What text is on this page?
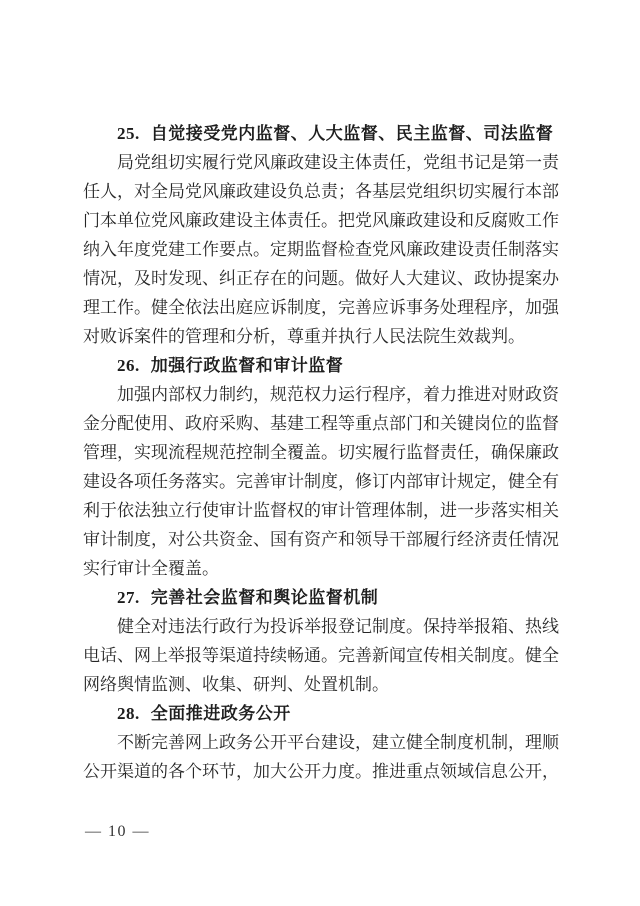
25. 自觉接受党内监督、人大监督、民主监督、司法监督

局党组切实履行党风廉政建设主体责任，党组书记是第一责任人，对全局党风廉政建设负总责；各基层党组织切实履行本部门本单位党风廉政建设主体责任。把党风廉政建设和反腐败工作纳入年度党建工作要点。定期监督检查党风廉政建设责任制落实情况，及时发现、纠正存在的问题。做好人大建议、政协提案办理工作。健全依法出庭应诉制度，完善应诉事务处理程序，加强对败诉案件的管理和分析，尊重并执行人民法院生效裁判。

26. 加强行政监督和审计监督

加强内部权力制约，规范权力运行程序，着力推进对财政资金分配使用、政府采购、基建工程等重点部门和关键岗位的监督管理，实现流程规范控制全覆盖。切实履行监督责任，确保廉政建设各项任务落实。完善审计制度，修订内部审计规定，健全有利于依法独立行使审计监督权的审计管理体制，进一步落实相关审计制度，对公共资金、国有资产和领导干部履行经济责任情况实行审计全覆盖。

27. 完善社会监督和舆论监督机制

健全对违法行政行为投诉举报登记制度。保持举报箱、热线电话、网上举报等渠道持续畅通。完善新闻宣传相关制度。健全网络舆情监测、收集、研判、处置机制。

28. 全面推进政务公开

不断完善网上政务公开平台建设，建立健全制度机制，理顺公开渠道的各个环节，加大公开力度。推进重点领域信息公开，

— 10 —
